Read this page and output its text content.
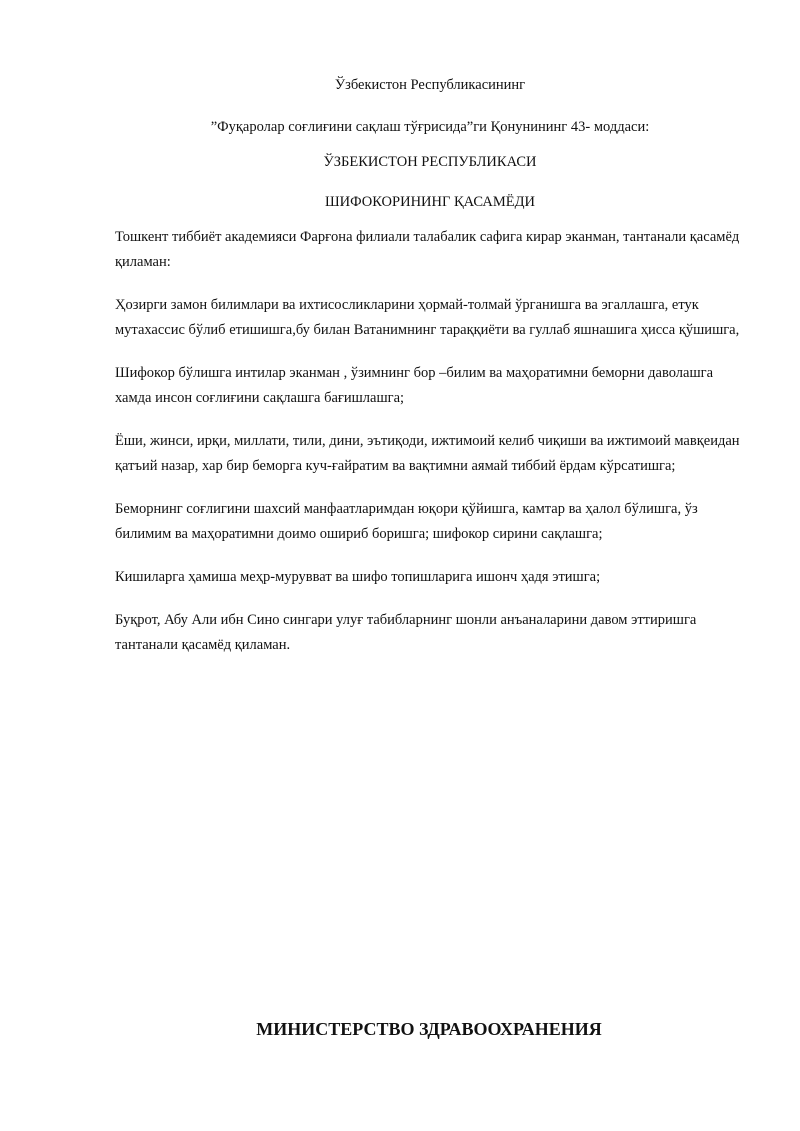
Ўзбекистон Республикасининг
”Фуқаролар соғлиғини сақлаш тўғрисида”ги Қонунининг 43- моддаси:
ЎЗБЕКИСТОН РЕСПУБЛИКАСИ
ШИФОКОРИНИНГ ҚАСАМЁДИ

Тошкент тиббиёт академияси Фарғона филиали талабалик сафига кирар эканман, тантанали қасамёд қиламан:

Ҳозирги замон билимлари ва ихтисосликларини ҳормай-толмай ўрганишга ва эгаллашга, етук мутахассис бўлиб етишишга,бу билан Ватанимнинг тараққиёти ва гуллаб яшнашига ҳисса қўшишга,

Шифокор бўлишга интилар эканман , ўзимнинг бор –билим ва маҳоратимни беморни даволашга хамда инсон соғлиғини сақлашга бағишлашга;

Ёши, жинси, ирқи, миллати, тили, дини, эътиқоди, ижтимоий келиб чиқиши ва ижтимоий мавқеидан қатъий назар, хар бир беморга куч-ғайратим ва вақтимни аямай тиббий ёрдам кўрсатишга;

Беморнинг соғлигини шахсий манфаатларимдан юқори қўйишга, камтар ва ҳалол бўлишга, ўз билимим ва маҳоратимни доимо ошириб боришга; шифокор сирини сақлашга;

Кишиларга ҳамиша меҳр-мурувват ва шифо топишларига ишонч ҳадя этишга;

Буқрот, Абу Али ибн Сино сингари улуғ табибларнинг шонли анъаналарини давом эттиришга тантанали қасамёд қиламан.

МИНИСТЕРСТВО ЗДРАВООХРАНЕНИЯ
